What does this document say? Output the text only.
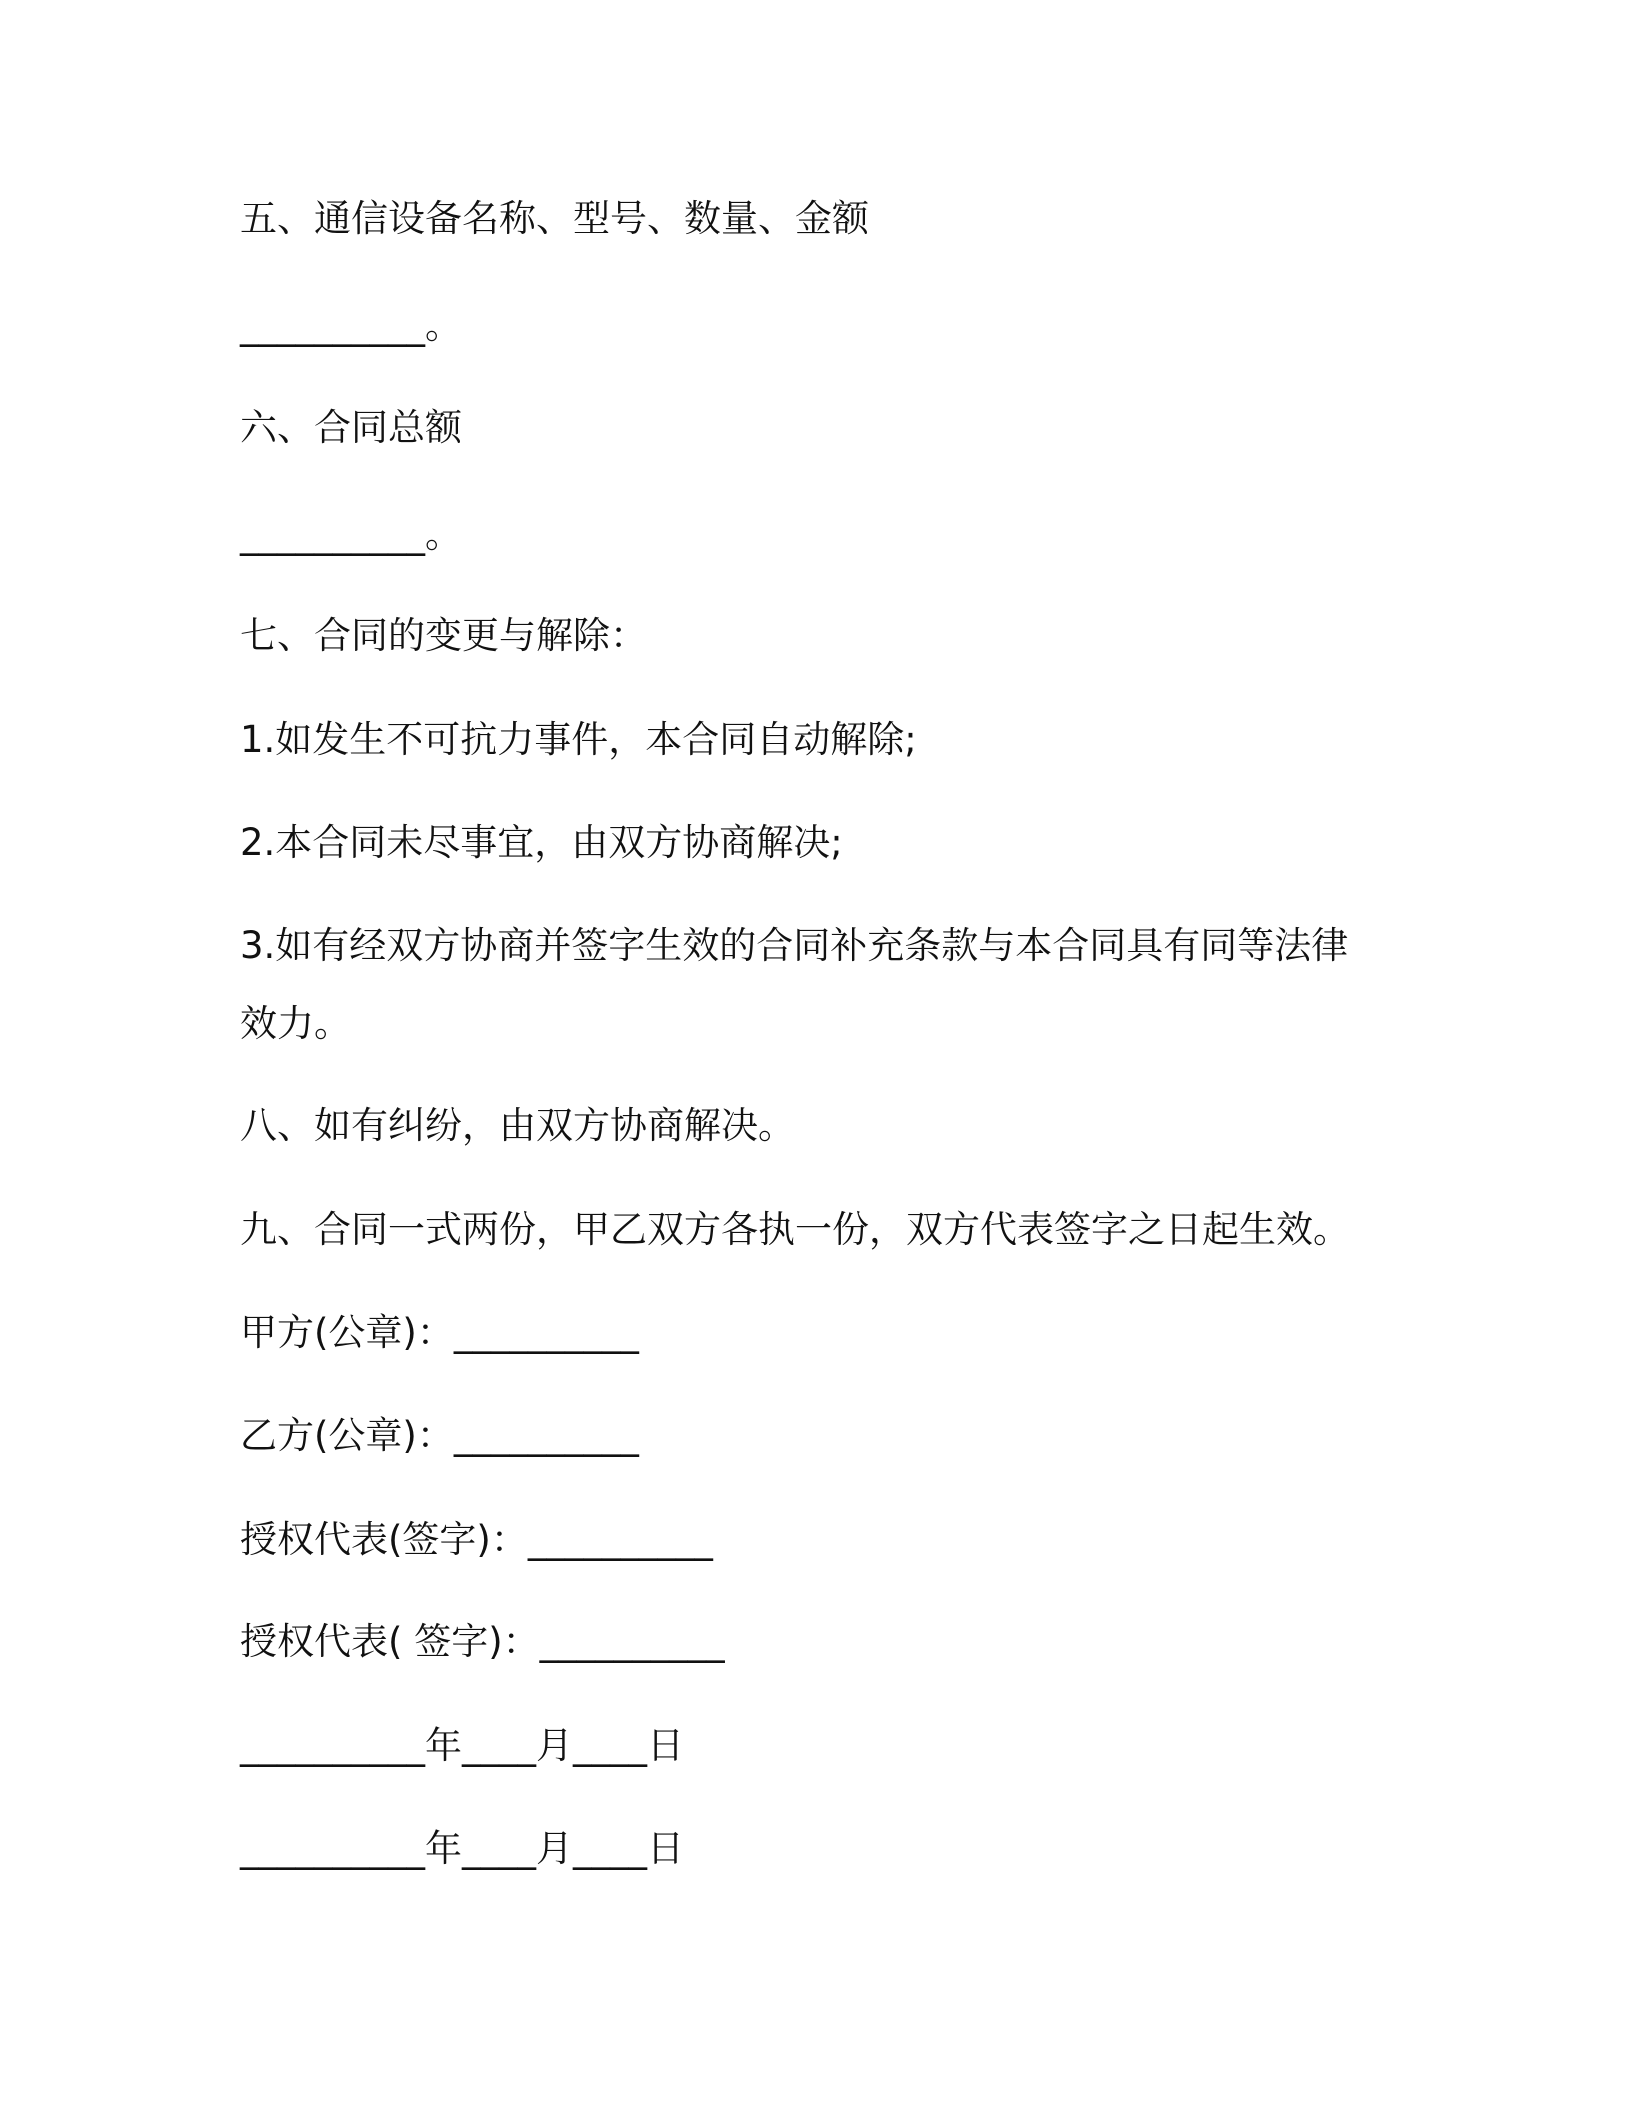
五、通信设备名称、型号、数量、金额
__________。
六、合同总额
__________。
七、合同的变更与解除：
1.如发生不可抗力事件，本合同自动解除;
2.本合同未尽事宜，由双方协商解决;
3.如有经双方协商并签字生效的合同补充条款与本合同具有同等法律
效力。
八、如有纠纷，由双方协商解决。
九、合同一式两份，甲乙双方各执一份，双方代表签字之日起生效。
甲方(公章)：__________
乙方(公章)：__________
授权代表(签字)：__________
授权代表( 签字)：__________
__________年____月____日
__________年____月____日
